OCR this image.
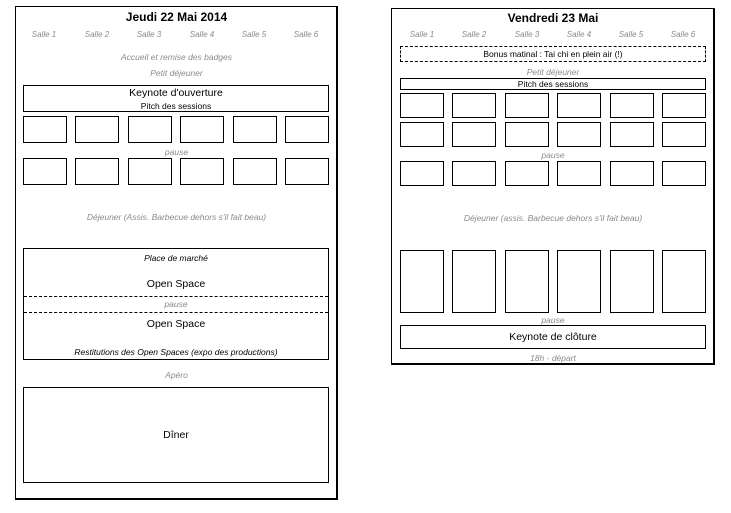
Jeudi 22 Mai 2014
Salle 1	Salle 2	Salle 3	Salle 4	Salle 5	Salle 6
Accueil et remise des badges
Petit déjeuner
Keynote d'ouverture
Pitch des sessions
pause
Déjeuner (Assis. Barbecue dehors s'il fait beau)
Place de marché
Open Space
pause
Open Space
Restitutions des Open Spaces (expo des productions)
Apéro
Dîner
Vendredi 23 Mai
Salle 1	Salle 2	Salle 3	Salle 4	Salle 5	Salle 6
Bonus matinal : Tai chi en plein air (!)
Petit déjeuner
Pitch des sessions
pause
Déjeuner (assis. Barbecue dehors s'il fait beau)
pause
Keynote de clôture
18h - départ
